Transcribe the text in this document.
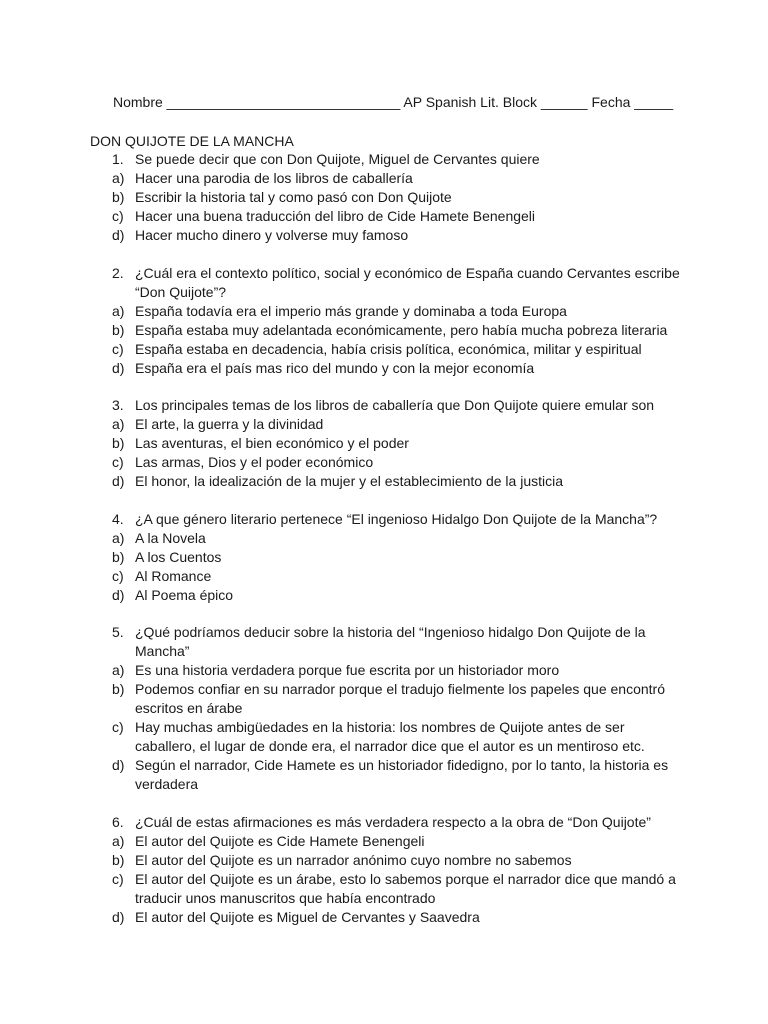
Nombre ______________________________ AP Spanish Lit. Block ______ Fecha _____
DON QUIJOTE DE LA MANCHA
1. Se puede decir que con Don Quijote, Miguel de Cervantes quiere
a) Hacer una parodia de los libros de caballería
b) Escribir la historia tal y como pasó con Don Quijote
c) Hacer una buena traducción del libro de Cide Hamete Benengeli
d) Hacer mucho dinero y volverse muy famoso
2. ¿Cuál era el contexto político, social y económico de España cuando Cervantes escribe “Don Quijote”?
a) España todavía era el imperio más grande y dominaba a toda Europa
b) España estaba muy adelantada económicamente, pero había mucha pobreza literaria
c) España estaba en decadencia, había crisis política, económica, militar y espiritual
d) España era el país mas rico del mundo y con la mejor economía
3. Los principales temas de los libros de caballería que Don Quijote quiere emular son
a) El arte, la guerra y la divinidad
b) Las aventuras, el bien económico y el poder
c) Las armas, Dios y el poder económico
d) El honor, la idealización de la mujer y el establecimiento de la justicia
4. ¿A que género literario pertenece “El ingenioso Hidalgo Don Quijote de la Mancha”?
a) A la Novela
b) A los Cuentos
c) Al Romance
d) Al Poema épico
5. ¿Qué podríamos deducir sobre la historia del “Ingenioso hidalgo Don Quijote de la Mancha”
a) Es una historia verdadera porque fue escrita por un historiador moro
b) Podemos confiar en su narrador porque el tradujo fielmente los papeles que encontró escritos en árabe
c) Hay muchas ambigüedades en la historia: los nombres de Quijote antes de ser caballero, el lugar de donde era, el narrador dice que el autor es un mentiroso etc.
d) Según el narrador, Cide Hamete es un historiador fidedigno, por lo tanto, la historia es verdadera
6. ¿Cuál de estas afirmaciones es más verdadera respecto a la obra de “Don Quijote”
a) El autor del Quijote es Cide Hamete Benengeli
b) El autor del Quijote es un narrador anónimo cuyo nombre no sabemos
c) El autor del Quijote es un árabe, esto lo sabemos porque el narrador dice que mandó a traducir unos manuscritos que había encontrado
d) El autor del Quijote es Miguel de Cervantes y Saavedra
